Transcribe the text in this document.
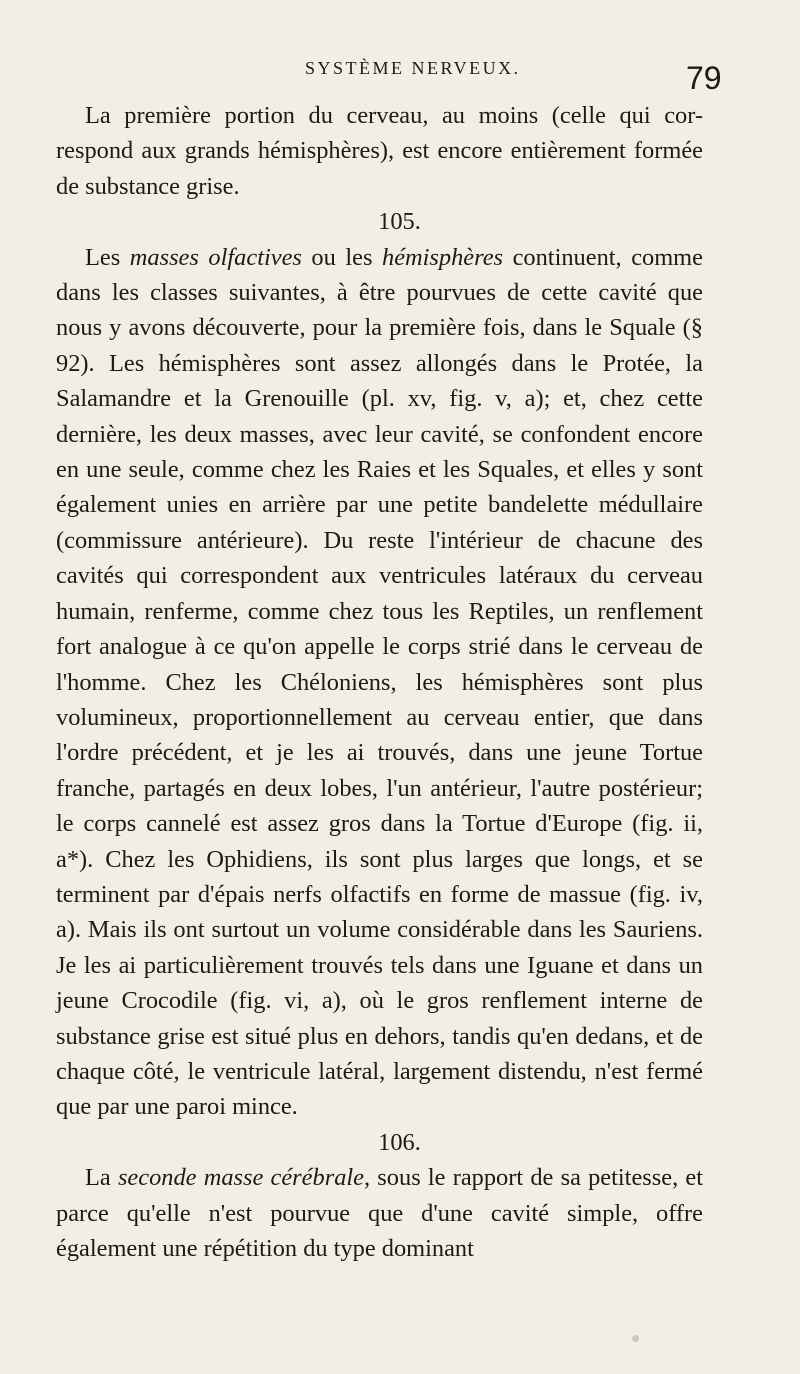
SYSTÈME NERVEUX.	79

La première portion du cerveau, au moins (celle qui cor- respond aux grands hémisphères), est encore entièrement formée de substance grise.

105.

Les masses olfactives ou les hémisphères continuent, comme dans les classes suivantes, à être pourvues de cette cavité que nous y avons découverte, pour la première fois, dans le Squale (§ 92). Les hémisphères sont assez allongés dans le Protée, la Salamandre et la Grenouille (pl. xv, fig. v, a); et, chez cette dernière, les deux masses, avec leur cavité, se confondent encore en une seule, comme chez les Raies et les Squales, et elles y sont également unies en arrière par une petite bandelette médullaire (commissure antérieure). Du reste l'intérieur de chacune des cavités qui correspondent aux ventricules latéraux du cerveau humain, renferme, comme chez tous les Reptiles, un renflement fort analogue à ce qu'on appelle le corps strié dans le cerveau de l'homme. Chez les Chéloniens, les hémisphères sont plus volumineux, proportionnellement au cerveau entier, que dans l'ordre précédent, et je les ai trouvés, dans une jeune Tortue franche, partagés en deux lobes, l'un antérieur, l'autre postérieur; le corps cannelé est assez gros dans la Tortue d'Europe (fig. ii, a*). Chez les Ophidiens, ils sont plus larges que longs, et se terminent par d'épais nerfs olfactifs en forme de massue (fig. iv, a). Mais ils ont surtout un volume considérable dans les Sauriens. Je les ai particulièrement trouvés tels dans une Iguane et dans un jeune Crocodile (fig. vi, a), où le gros renflement interne de substance grise est situé plus en dehors, tandis qu'en dedans, et de chaque côté, le ventricule latéral, largement distendu, n'est fermé que par une paroi mince.

106.

La seconde masse cérébrale, sous le rapport de sa petitesse, et parce qu'elle n'est pourvue que d'une cavité simple, offre également une répétition du type dominant
